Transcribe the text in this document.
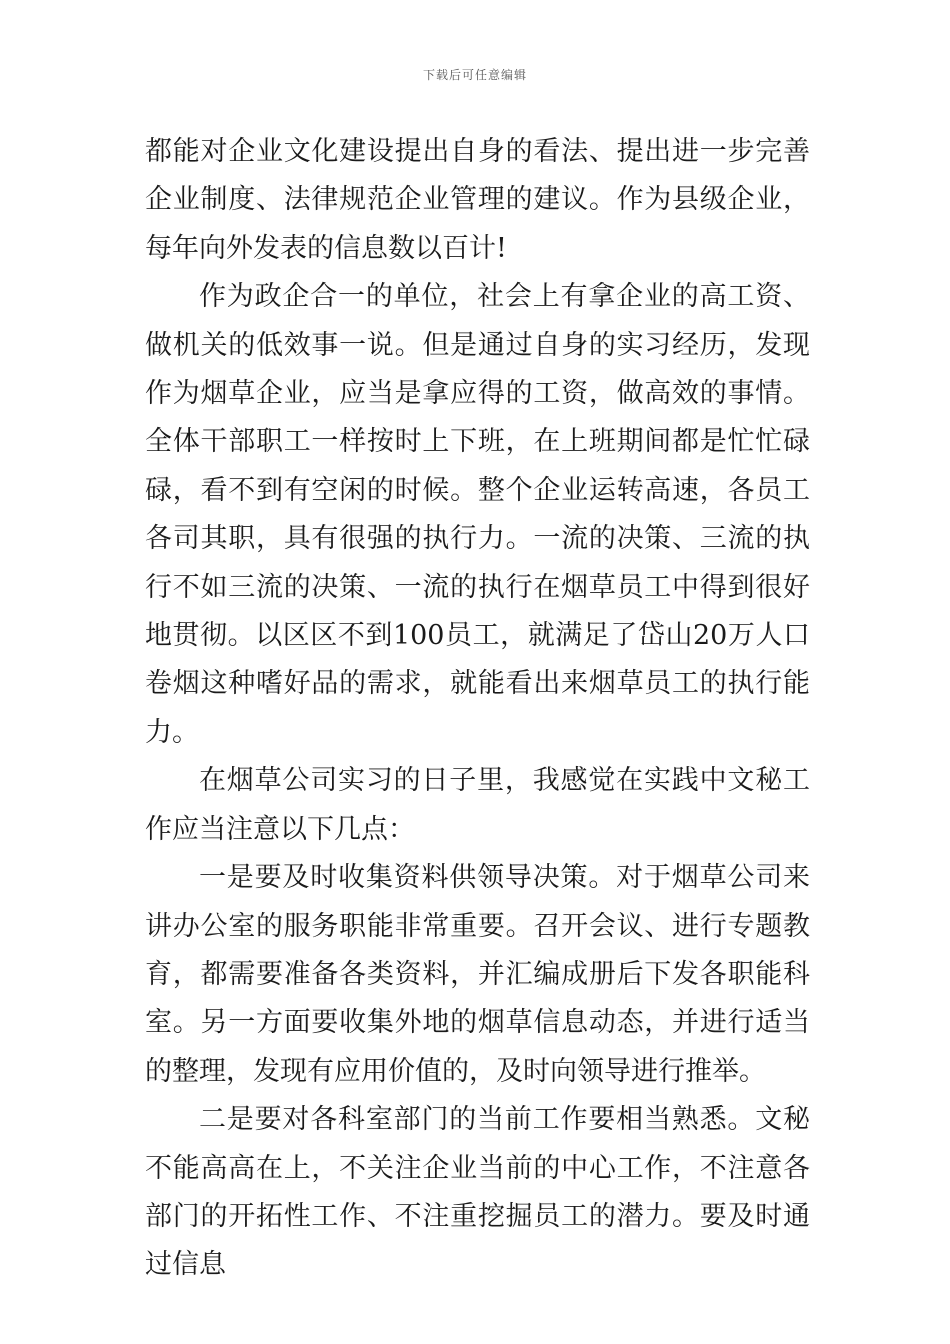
下载后可任意编辑

都能对企业文化建设提出自身的看法、提出进一步完善企业制度、法律规范企业管理的建议。作为县级企业，每年向外发表的信息数以百计!

作为政企合一的单位，社会上有拿企业的高工资、做机关的低效事一说。但是通过自身的实习经历，发现作为烟草企业，应当是拿应得的工资，做高效的事情。全体干部职工一样按时上下班，在上班期间都是忙忙碌碌，看不到有空闲的时候。整个企业运转高速，各员工各司其职，具有很强的执行力。一流的决策、三流的执行不如三流的决策、一流的执行在烟草员工中得到很好地贯彻。以区区不到100员工，就满足了岱山20万人口卷烟这种嗜好品的需求，就能看出来烟草员工的执行能力。

在烟草公司实习的日子里，我感觉在实践中文秘工作应当注意以下几点：

一是要及时收集资料供领导决策。对于烟草公司来讲办公室的服务职能非常重要。召开会议、进行专题教育，都需要准备各类资料，并汇编成册后下发各职能科室。另一方面要收集外地的烟草信息动态，并进行适当的整理，发现有应用价值的，及时向领导进行推举。

二是要对各科室部门的当前工作要相当熟悉。文秘不能高高在上，不关注企业当前的中心工作，不注意各部门的开拓性工作、不注重挖掘员工的潜力。要及时通过信息
